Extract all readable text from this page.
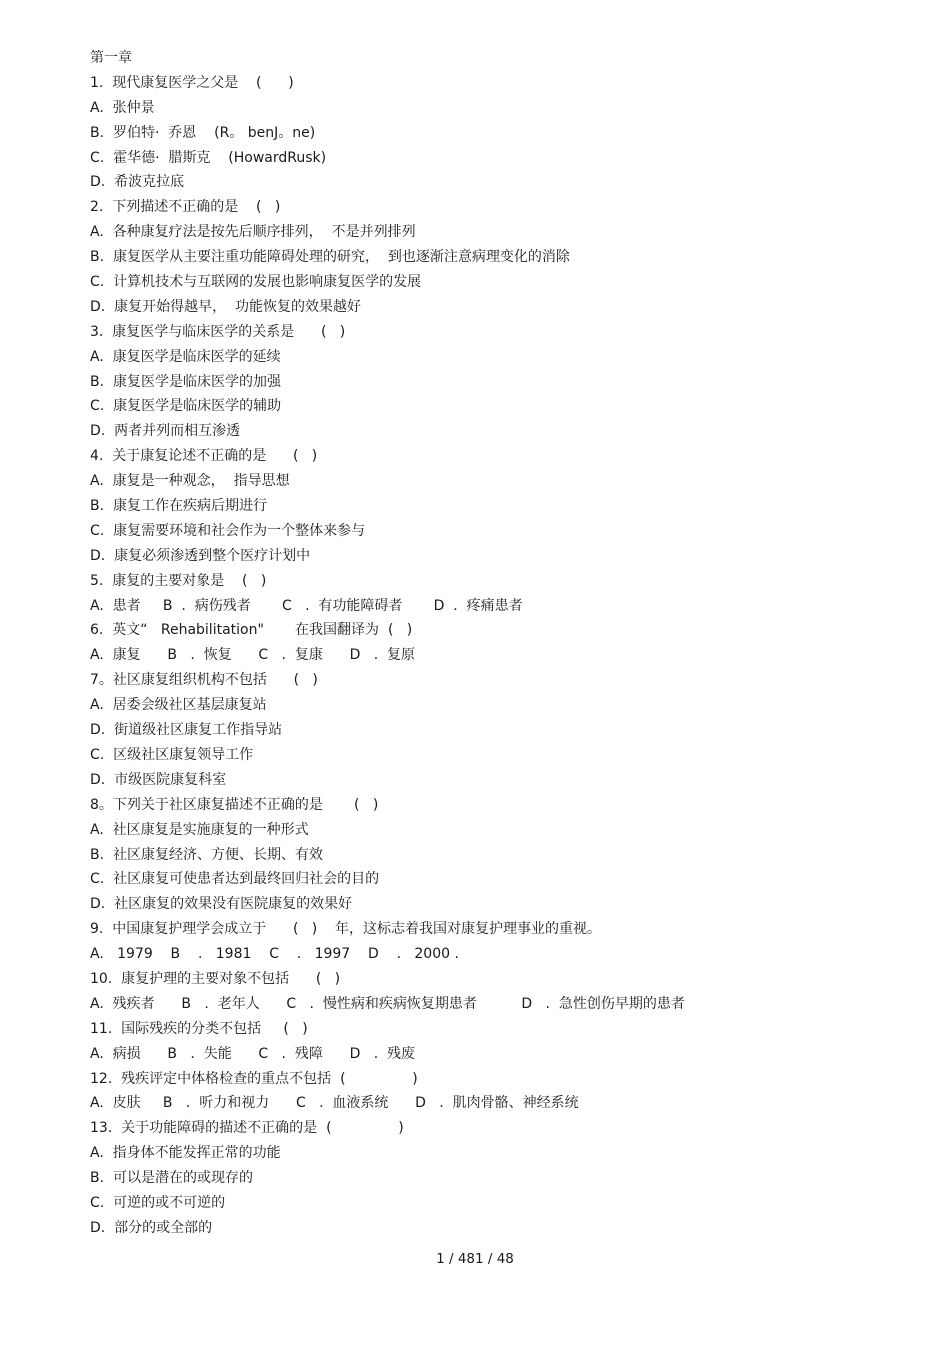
第一章
1.  现代康复医学之父是    (      )
A.  张仲景
B.  罗伯特·  乔恩    (R。 benJ。ne)
C.  霍华德·  腊斯克    (HowardRusk)
D.  希波克拉底
2.  下列描述不正确的是    (   )
A.  各种康复疗法是按先后顺序排列，  不是并列排列
B.  康复医学从主要注重功能障碍处理的研究，  到也逐渐注意病理变化的消除
C.  计算机技术与互联网的发展也影响康复医学的发展
D.  康复开始得越早，  功能恢复的效果越好
3.  康复医学与临床医学的关系是      (   )
A.  康复医学是临床医学的延续
B.  康复医学是临床医学的加强
C.  康复医学是临床医学的辅助
D.  两者并列而相互渗透
4.  关于康复论述不正确的是      (   )
A.  康复是一种观念，  指导思想
B.  康复工作在疾病后期进行
C.  康复需要环境和社会作为一个整体来参与
D.  康复必须渗透到整个医疗计划中
5.  康复的主要对象是    (   )
A.  患者     B  .  病伤残者       C   .  有功能障碍者       D  .  疼痛患者
6.  英文“   Rehabilitation"       在我国翻译为  (   )
A.  康复      B   .  恢复      C   .  复康      D   .  复原
7。社区康复组织机构不包括      (   )
A.  居委会级社区基层康复站
D.  街道级社区康复工作指导站
C.  区级社区康复领导工作
D.  市级医院康复科室
8。下列关于社区康复描述不正确的是       (   )
A.  社区康复是实施康复的一种形式
B.  社区康复经济、方便、长期、有效
C.  社区康复可使患者达到最终回归社会的目的
D.  社区康复的效果没有医院康复的效果好
9.  中国康复护理学会成立于      (   )    年，这标志着我国对康复护理事业的重视。
A.   1979    B    .   1981    C    .   1997    D    .   2000 .
10.  康复护理的主要对象不包括      (   )
A.  残疾者      B   .  老年人      C   .  慢性病和疾病恢复期患者          D   .  急性创伤早期的患者
11.  国际残疾的分类不包括     (   )
A.  病损      B   .  失能      C   .  残障      D   .  残废
12.  残疾评定中体格检查的重点不包括  (               )
A.  皮肤     B   .  听力和视力      C   .  血液系统      D   .  肌肉骨骼、神经系统
13.  关于功能障碍的描述不正确的是  (               )
A.  指身体不能发挥正常的功能
B.  可以是潜在的或现存的
C.  可逆的或不可逆的
D.  部分的或全部的
1 / 481 / 48
